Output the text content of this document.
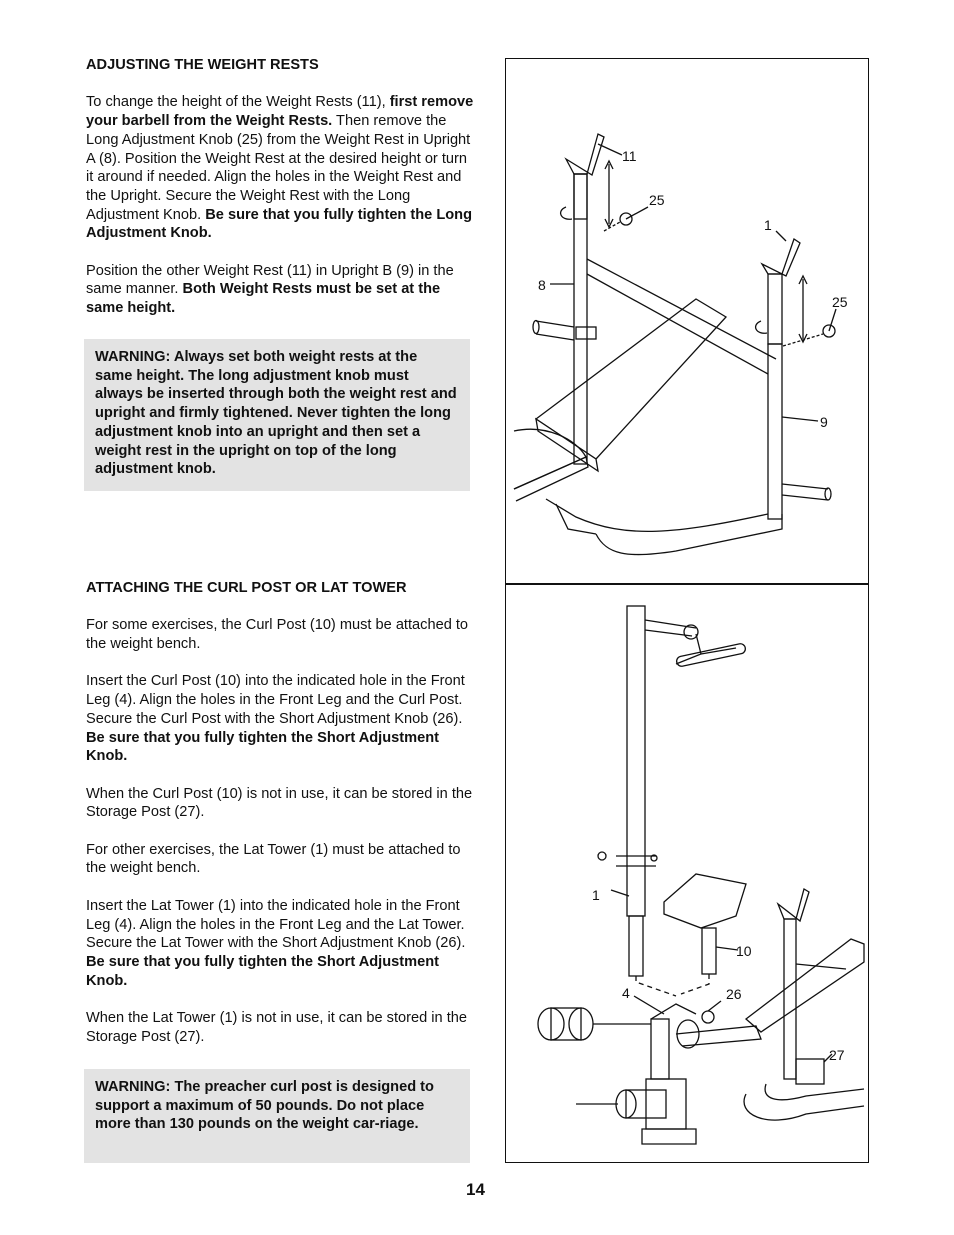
ADJUSTING THE WEIGHT RESTS

To change the height of the Weight Rests (11), first remove your barbell from the Weight Rests. Then remove the Long Adjustment Knob (25) from the Weight Rest in Upright A (8). Position the Weight Rest at the desired height or turn it around if needed. Align the holes in the Weight Rest and the Upright. Secure the Weight Rest with the Long Adjustment Knob. Be sure that you fully tighten the Long Adjustment Knob.

Position the other Weight Rest (11) in Upright B (9) in the same manner. Both Weight Rests must be set at the same height.

WARNING: Always set both weight rests at the same height. The long adjustment knob must always be inserted through both the weight rest and upright and firmly tightened. Never tighten the long adjustment knob into an upright and then set a weight rest in the upright on top of the long adjustment knob.

ATTACHING THE CURL POST OR LAT TOWER

For some exercises, the Curl Post (10) must be attached to the weight bench.

Insert the Curl Post (10) into the indicated hole in the Front Leg (4). Align the holes in the Front Leg and the Curl Post. Secure the Curl Post with the Short Adjustment Knob (26). Be sure that you fully tighten the Short Adjustment Knob.

When the Curl Post (10) is not in use, it can be stored in the Storage Post (27).

For other exercises, the Lat Tower (1) must be attached to the weight bench.

Insert the Lat Tower (1) into the indicated hole in the Front Leg (4). Align the holes in the Front Leg and the Lat Tower. Secure the Lat Tower with the Short Adjustment Knob (26). Be sure that you fully tighten the Short Adjustment Knob.

When the Lat Tower (1) is not in use, it can be stored in the Storage Post (27).

WARNING: The preacher curl post is designed to support a maximum of 50 pounds. Do not place more than 130 pounds on the weight car-riage.
11
25
1
8
25
9
1
10
4	26
27
14
